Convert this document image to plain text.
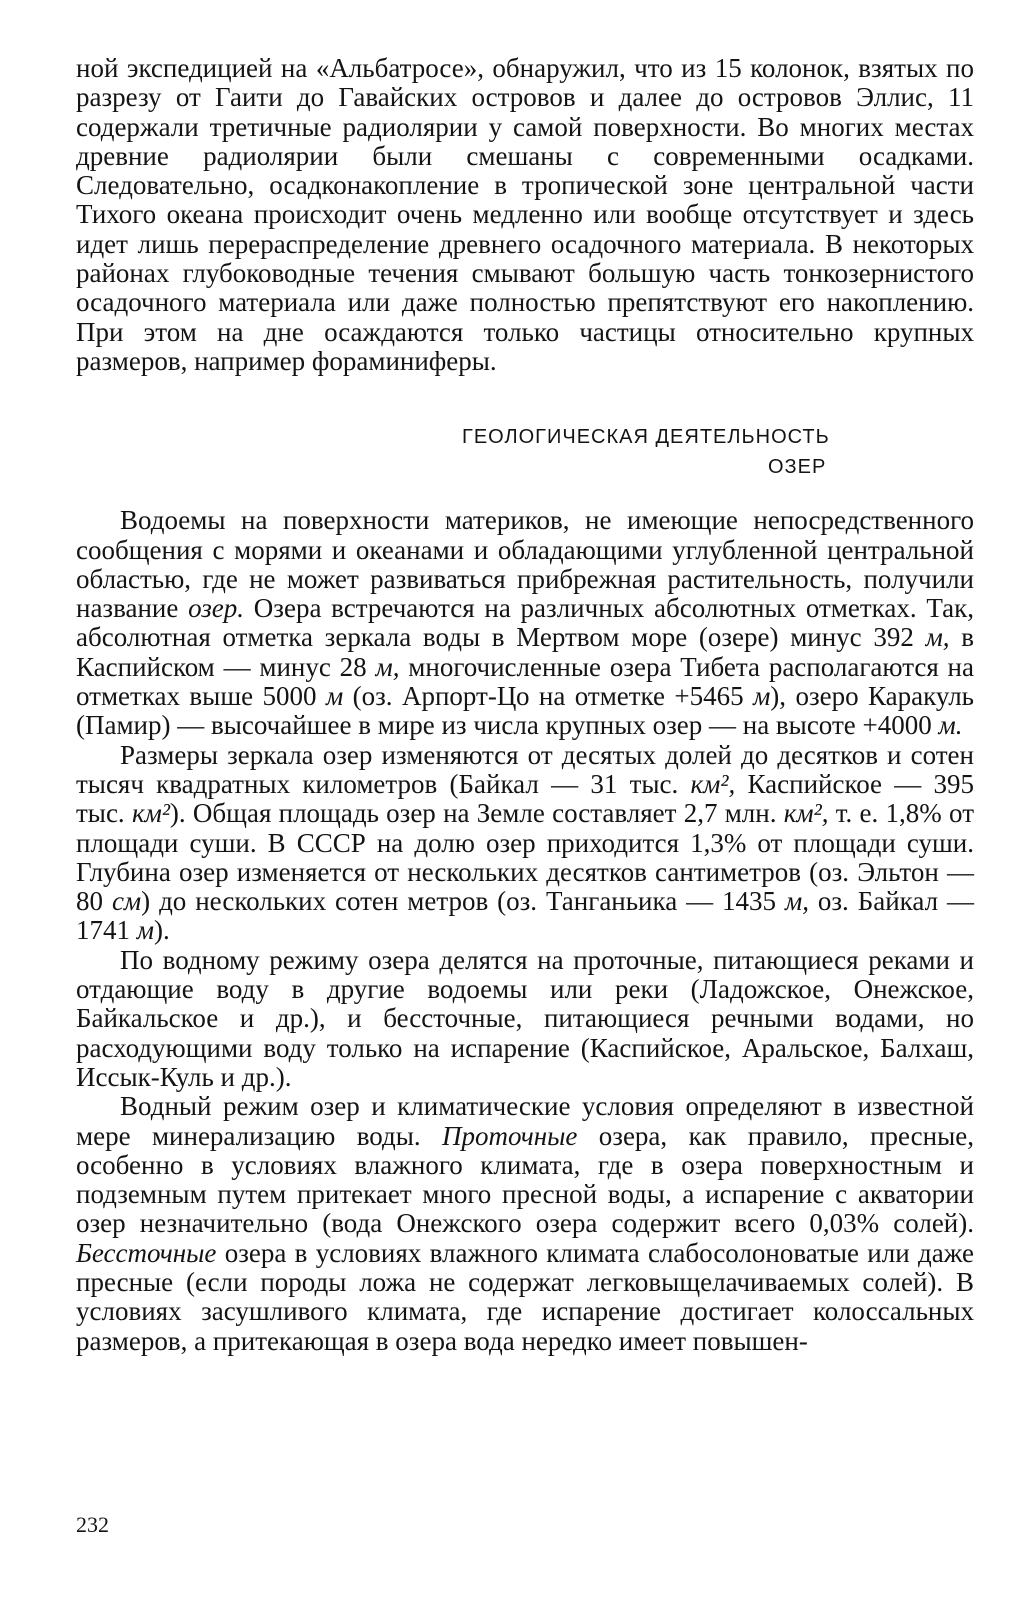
ной экспедицией на «Альбатросе», обнаружил, что из 15 колонок, взятых по разрезу от Гаити до Гавайских островов и далее до островов Эллис, 11 содержали третичные радиолярии у самой поверхности. Во многих местах древние радиолярии были смешаны с современными осадками. Следовательно, осадконакопление в тропической зоне центральной части Тихого океана происходит очень медленно или вообще отсутствует и здесь идет лишь перераспределение древнего осадочного материала. В некоторых районах глубоководные течения смывают большую часть тонкозернистого осадочного материала или даже полностью препятствуют его накоплению. При этом на дне осаждаются только частицы относительно крупных размеров, например фораминиферы.

ГЕОЛОГИЧЕСКАЯ ДЕЯТЕЛЬНОСТЬ
ОЗЕР

Водоемы на поверхности материков, не имеющие непосредственного сообщения с морями и океанами и обладающими углубленной центральной областью, где не может развиваться прибрежная растительность, получили название озер. Озера встречаются на различных абсолютных отметках. Так, абсолютная отметка зеркала воды в Мертвом море (озере) минус 392 м, в Каспийском — минус 28 м, многочисленные озера Тибета располагаются на отметках выше 5000 м (оз. Арпорт-Цо на отметке +5465 м), озеро Каракуль (Памир) — высочайшее в мире из числа крупных озер — на высоте +4000 м.

Размеры зеркала озер изменяются от десятых долей до десятков и сотен тысяч квадратных километров (Байкал — 31 тыс. км², Каспийское — 395 тыс. км²). Общая площадь озер на Земле составляет 2,7 млн. км², т. е. 1,8% от площади суши. В СССР на долю озер приходится 1,3% от площади суши. Глубина озер изменяется от нескольких десятков сантиметров (оз. Эльтон — 80 см) до нескольких сотен метров (оз. Танганьика — 1435 м, оз. Байкал — 1741 м).

По водному режиму озера делятся на проточные, питающиеся реками и отдающие воду в другие водоемы или реки (Ладожское, Онежское, Байкальское и др.), и бессточные, питающиеся речными водами, но расходующими воду только на испарение (Каспийское, Аральское, Балхаш, Иссык-Куль и др.).

Водный режим озер и климатические условия определяют в известной мере минерализацию воды. Проточные озера, как правило, пресные, особенно в условиях влажного климата, где в озера поверхностным и подземным путем притекает много пресной воды, а испарение с акватории озер незначительно (вода Онежского озера содержит всего 0,03% солей). Бессточные озера в условиях влажного климата слабосолоноватые или даже пресные (если породы ложа не содержат легковыщелачиваемых солей). В условиях засушливого климата, где испарение достигает колоссальных размеров, а притекающая в озера вода нередко имеет повышен-

232
